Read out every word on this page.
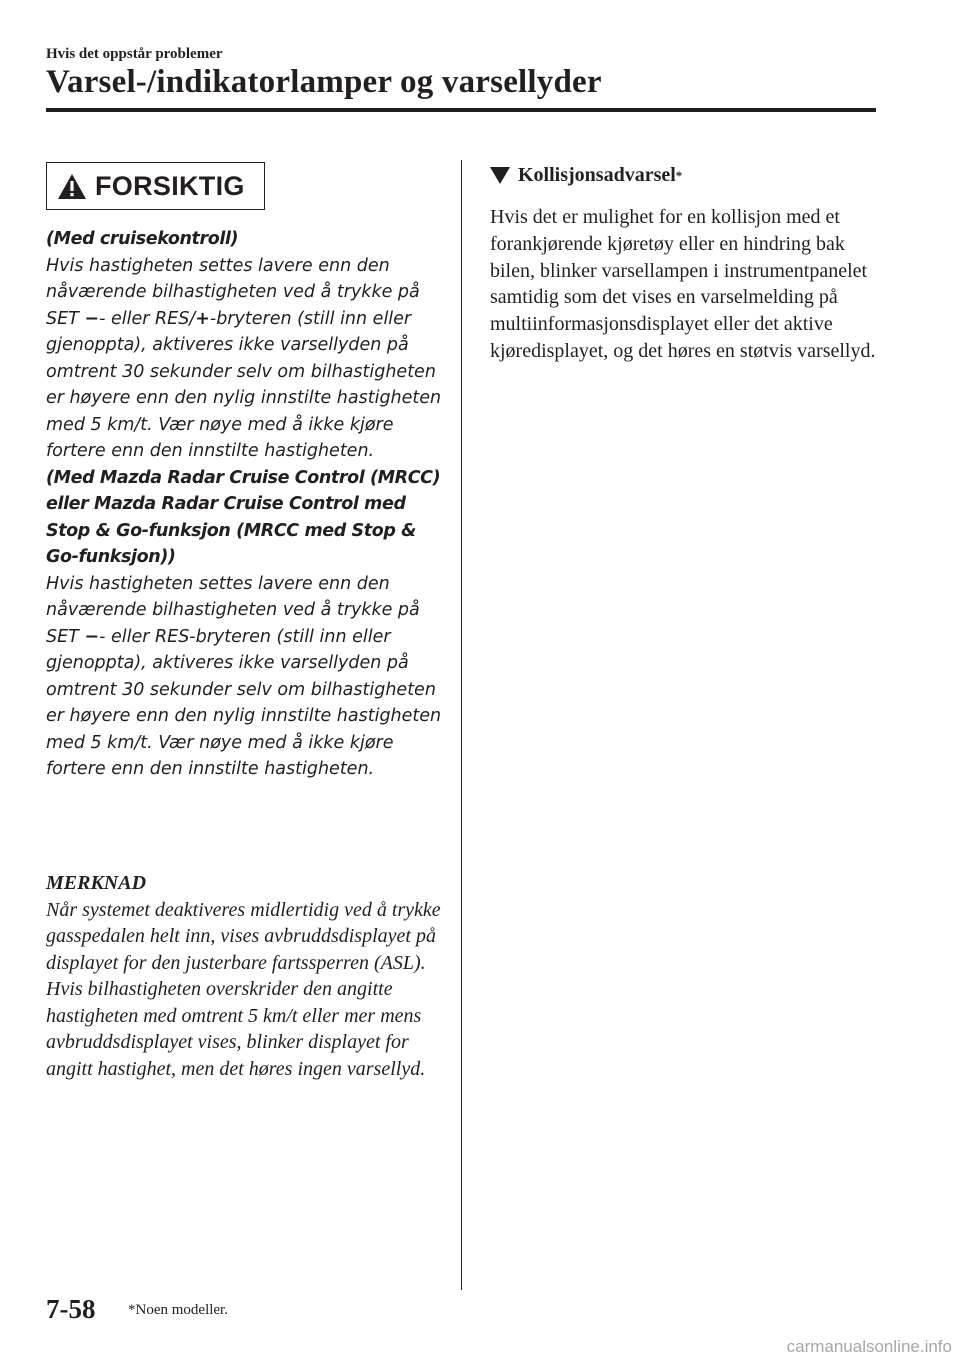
Hvis det oppstår problemer
Varsel-/indikatorlamper og varsellyder
FORSIKTIG

(Med cruisekontroll)

Hvis hastigheten settes lavere enn den nåværende bilhastigheten ved å trykke på SET −- eller RES/+-bryteren (still inn eller gjenoppta), aktiveres ikke varsellyden på omtrent 30 sekunder selv om bilhastigheten er høyere enn den nylig innstilte hastigheten med 5 km/t. Vær nøye med å ikke kjøre fortere enn den innstilte hastigheten.

(Med Mazda Radar Cruise Control (MRCC) eller Mazda Radar Cruise Control med Stop & Go-funksjon (MRCC med Stop & Go-funksjon))

Hvis hastigheten settes lavere enn den nåværende bilhastigheten ved å trykke på SET −- eller RES-bryteren (still inn eller gjenoppta), aktiveres ikke varsellyden på omtrent 30 sekunder selv om bilhastigheten er høyere enn den nylig innstilte hastigheten med 5 km/t. Vær nøye med å ikke kjøre fortere enn den innstilte hastigheten.

MERKNAD

Når systemet deaktiveres midlertidig ved å trykke gasspedalen helt inn, vises avbruddsdisplayet på displayet for den justerbare fartssperren (ASL). Hvis bilhastigheten overskrider den angitte hastigheten med omtrent 5 km/t eller mer mens avbruddsdisplayet vises, blinker displayet for angitt hastighet, men det høres ingen varsellyd.

Kollisjonsadvarsel *

Hvis det er mulighet for en kollisjon med et forankjørende kjøretøy eller en hindring bak bilen, blinker varsellampen i instrumentpanelet samtidig som det vises en varselmelding på multiinformasjonsdisplayet eller det aktive kjøredisplayet, og det høres en støtvis varsellyd.

7-58 *Noen modeller.
carmanualsonline.info
